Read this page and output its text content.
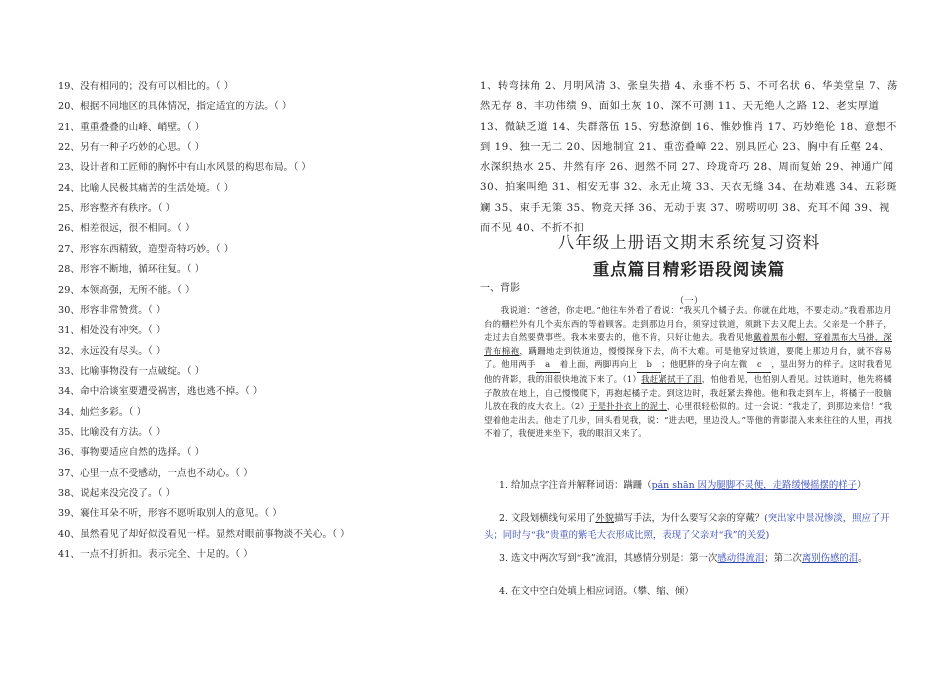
19、没有相同的；没有可以相比的。（ ）
20、根据不同地区的具体情况，指定适宜的方法。（ ）
21、重重叠叠的山峰、峭壁。（ ）
22、另有一种子巧妙的心思。（ ）
23、设计者和工匠师的胸怀中有山水风景的构思布局。（ ）
24、比喻人民极其痛苦的生活处境。（ ）
25、形容整齐有秩序。（ ）
26、相差很远，很不相同。（ ）
27、形容东西精致，造型奇特巧妙。（ ）
28、形容不断地，循环往复。（ ）
29、本领高强，无所不能。（ ）
30、形容非常赞赏。（ ）
31、相处没有冲突。（ ）
32、永远没有尽头。（ ）
33、比喻事物没有一点破绽。（ ）
34、命中洽谈室要遭受祸害，逃也逃不掉。（ ）
34、灿烂多彩。（ ）
35、比喻没有方法。（ ）
36、事物要适应自然的选择。（ ）
37、心里一点不受感动，一点也不动心。（ ）
38、说起来没完没了。（ ）
39、褰住耳朵不听，形容不愿听取别人的意见。（ ）
40、虽然看见了却好似没看见一样。显然对眼前事物淡不关心。（ ）
41、一点不打折扣。表示完全、十足的。（ ）
1、转弯抹角 2、月明风清 3、张皇失措 4、永垂不朽 5、不可名状 6、华美堂皇 7、荡然无存 8、丰功伟绩 9、面如土灰 10、深不可测 11、天无绝人之路 12、老实厚道 13、微缺乏道 14、失群落伍 15、穷愁潦倒 16、惟妙惟肖 17、巧妙绝伦 18、意想不到 19、独一无二 20、因地制宜 21、重峦叠嶂 22、别具匠心 23、胸中有丘壑 24、水深织热水 25、井然有序 26、迥然不同 27、玲珑奇巧 28、周而复始 29、神通广闻 30、拍案叫绝 31、相安无事 32、永无止境 33、天衣无缝 34、在劫难逃 34、五彩斑斓 35、束手无策 35、物竞天择 36、无动于衷 37、唠唠叨叨 38、充耳不闻 39、视而不见 40、不折不扣
八年级上册语文期末系统复习资料
重点篇目精彩语段阅读篇
一、背影
（一）
我说道：“爸爸，你走吧。”他往车外看了看说：“我买几个橘子去。你就在此地，不要走动。”我看那边月台的栅栏外有几个卖东西的等着顾客。走到那边月台，须穿过铁道，须跳下去又爬上去。父亲是一个胖子，走过去自然要费事些。我本来要去的，他不肯，只好让他去。我看见他戴着黑布小帽，穿着黑布大马褂，深青布棉袍，蹒跚地走到铁道边，慢慢探身下去，尚不大难。可是他穿过铁道，要爬上那边月台，就不容易了。他用两手 a 着上面，两脚再向上 b ；他肥胖的身子向左微 c ，显出努力的样子。这时我看见他的背影，我的泪很快地流下来了。（1）我赶紧拭干了泪，怕他看见，也怕别人看见。过铁道时，他先将橘子散放在地上，自己慢慢爬下，再抱起橘子走。到这边时，我赶紧去搀他。他和我走到车上，将橘子一股脑儿放在我的皮大衣上。（2）于是扑扑衣上的泥土，心里很轻松似的。过一会说：“我走了，到那边来信！”我望着他走出去。他走了几步，回头看见我，说：“进去吧，里边没人。”等他的背影混入来来往往的人里，再找不着了，我便进来坐下，我的眼泪又来了。
1. 给加点字注音并解释词语：蹒跚（pán shān 因为腿脚不灵便，走路缓慢摇摆的样子）
2. 文段划横线句采用了外貌描写手法，为什么要写父亲的穿戴？(突出家中景况惨淡，照应了开头；同时与“我”贵重的紫毛大衣形成比照，表现了父亲对“我”的关爱)
3. 选文中两次写到“我”流泪，其感情分别是：第一次感动得流泪；第二次离别伤感的泪。
4. 在文中空白处填上相应词语。（攀、缩、倾）
